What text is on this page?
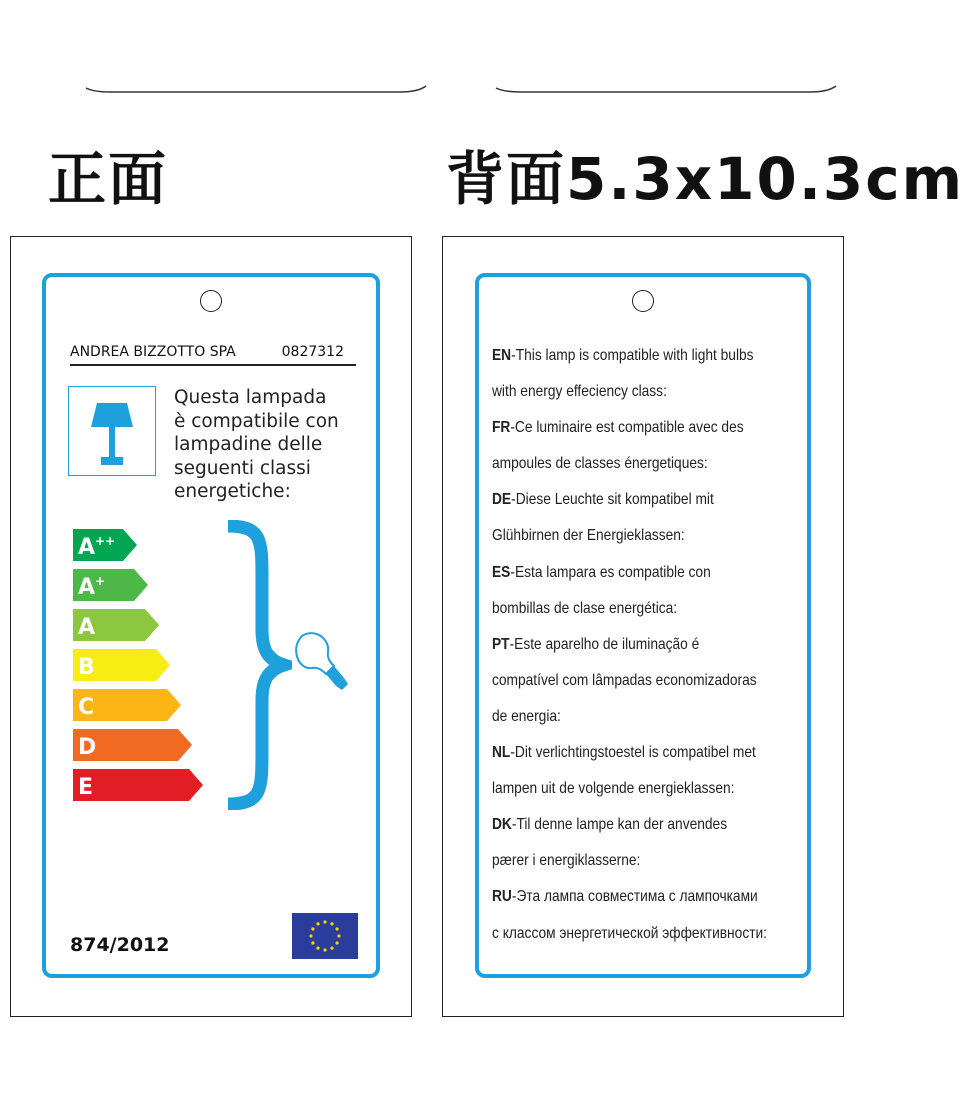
正面	背面5.3x10.3cm
ANDREA BIZZOTTO SPA	0827312
Questa lampada
è compatibile con
lampadine delle
seguenti classi
energetiche:
A++
A+
A
B
C
D
E
874/2012
EN-This lamp is compatible with light bulbs
with energy effeciency class:
FR-Ce luminaire est compatible avec des
ampoules de classes énergetiques:
DE-Diese Leuchte sit kompatibel mit
Glühbirnen der Energieklassen:
ES-Esta lampara es compatible con
bombillas de clase energética:
PT-Este aparelho de iluminação é
compatível com lâmpadas economizadoras
de energia:
NL-Dit verlichtingstoestel is compatibel met
lampen uit de volgende energieklassen:
DK-Til denne lampe kan der anvendes
pærer i energiklasserne:
RU-Эта лампа совместима с лампочками
с классом энергетической эффективности:
